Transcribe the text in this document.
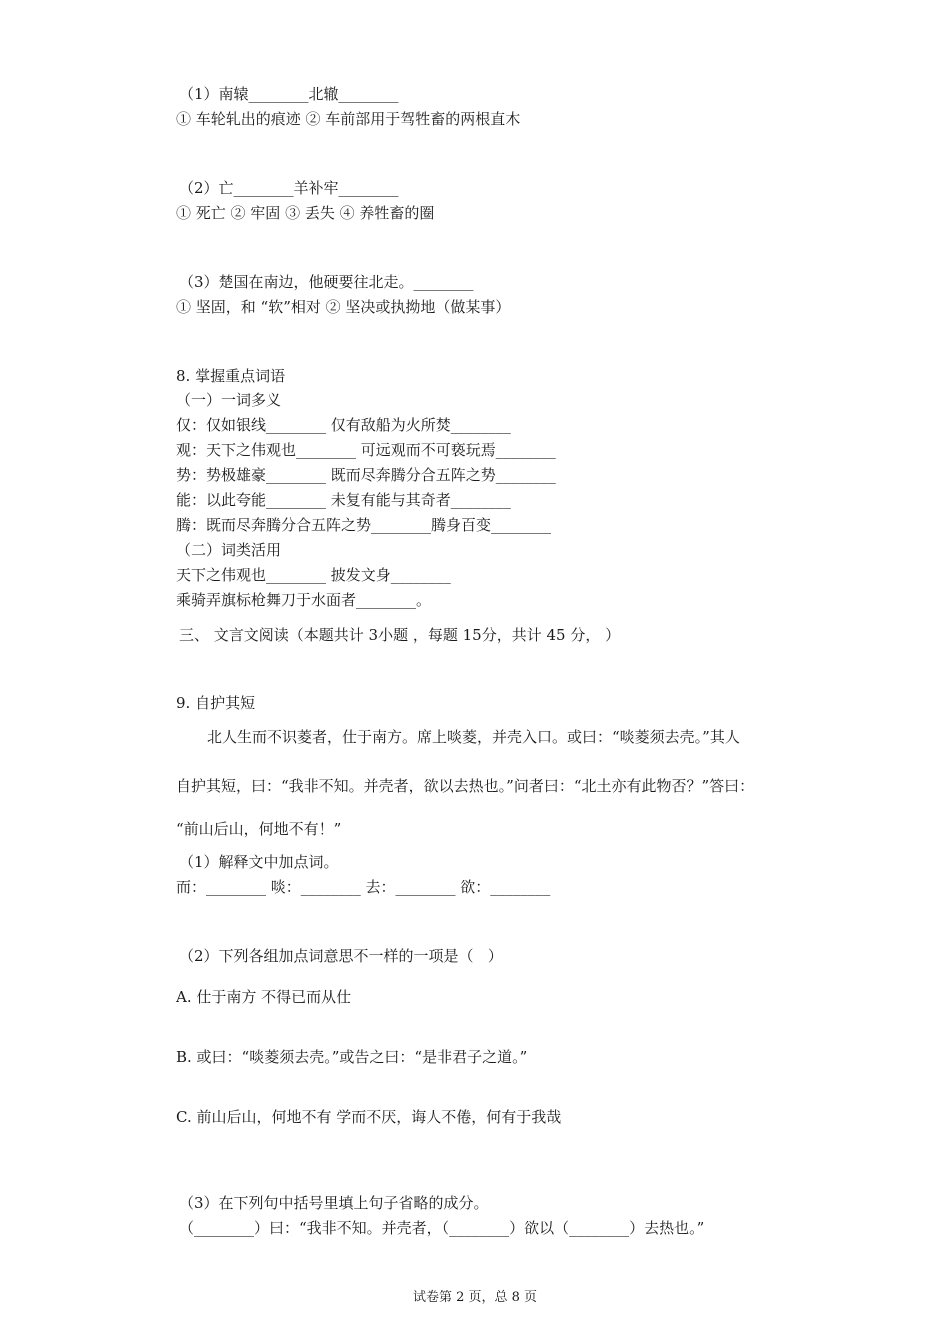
（1）南辕________北辙________
① 车轮轧出的痕迹 ② 车前部用于驾牲畜的两根直木
（2）亡________羊补牢________
① 死亡 ② 牢固 ③ 丢失 ④ 养牲畜的圈
（3）楚国在南边，他硬要往北走。________
① 坚固，和 “软”相对 ② 坚决或执拗地（做某事）
8. 掌握重点词语
（一）一词多义
仅：仅如银线________ 仅有敌船为火所焚________
观：天下之伟观也________ 可远观而不可亵玩焉________
势：势极雄豪________ 既而尽奔腾分合五阵之势________
能：以此夸能________ 未复有能与其奇者________
腾：既而尽奔腾分合五阵之势________腾身百变________
（二）词类活用
天下之伟观也________ 披发文身________
乘骑弄旗标枪舞刀于水面者________。
三、 文言文阅读（本题共计 3小题 ，每题 15分，共计 45 分， ）
9. 自护其短
北人生而不识菱者，仕于南方。席上啖菱，并壳入口。或曰：“啖菱须去壳。”其人
自护其短，曰：“我非不知。并壳者，欲以去热也。”问者曰：“北土亦有此物否？”答曰：
“前山后山，何地不有！”
（1）解释文中加点词。
而：________ 啖：________ 去：________ 欲：________
（2）下列各组加点词意思不一样的一项是（   ）
A. 仕于南方 不得已而从仕
B. 或曰：“啖菱须去壳。”或告之曰：“是非君子之道。”
C. 前山后山，何地不有 学而不厌，诲人不倦，何有于我哉
（3）在下列句中括号里填上句子省略的成分。
（________）曰：“我非不知。并壳者，（________）欲以（________）去热也。”
试卷第 2 页，总 8 页
